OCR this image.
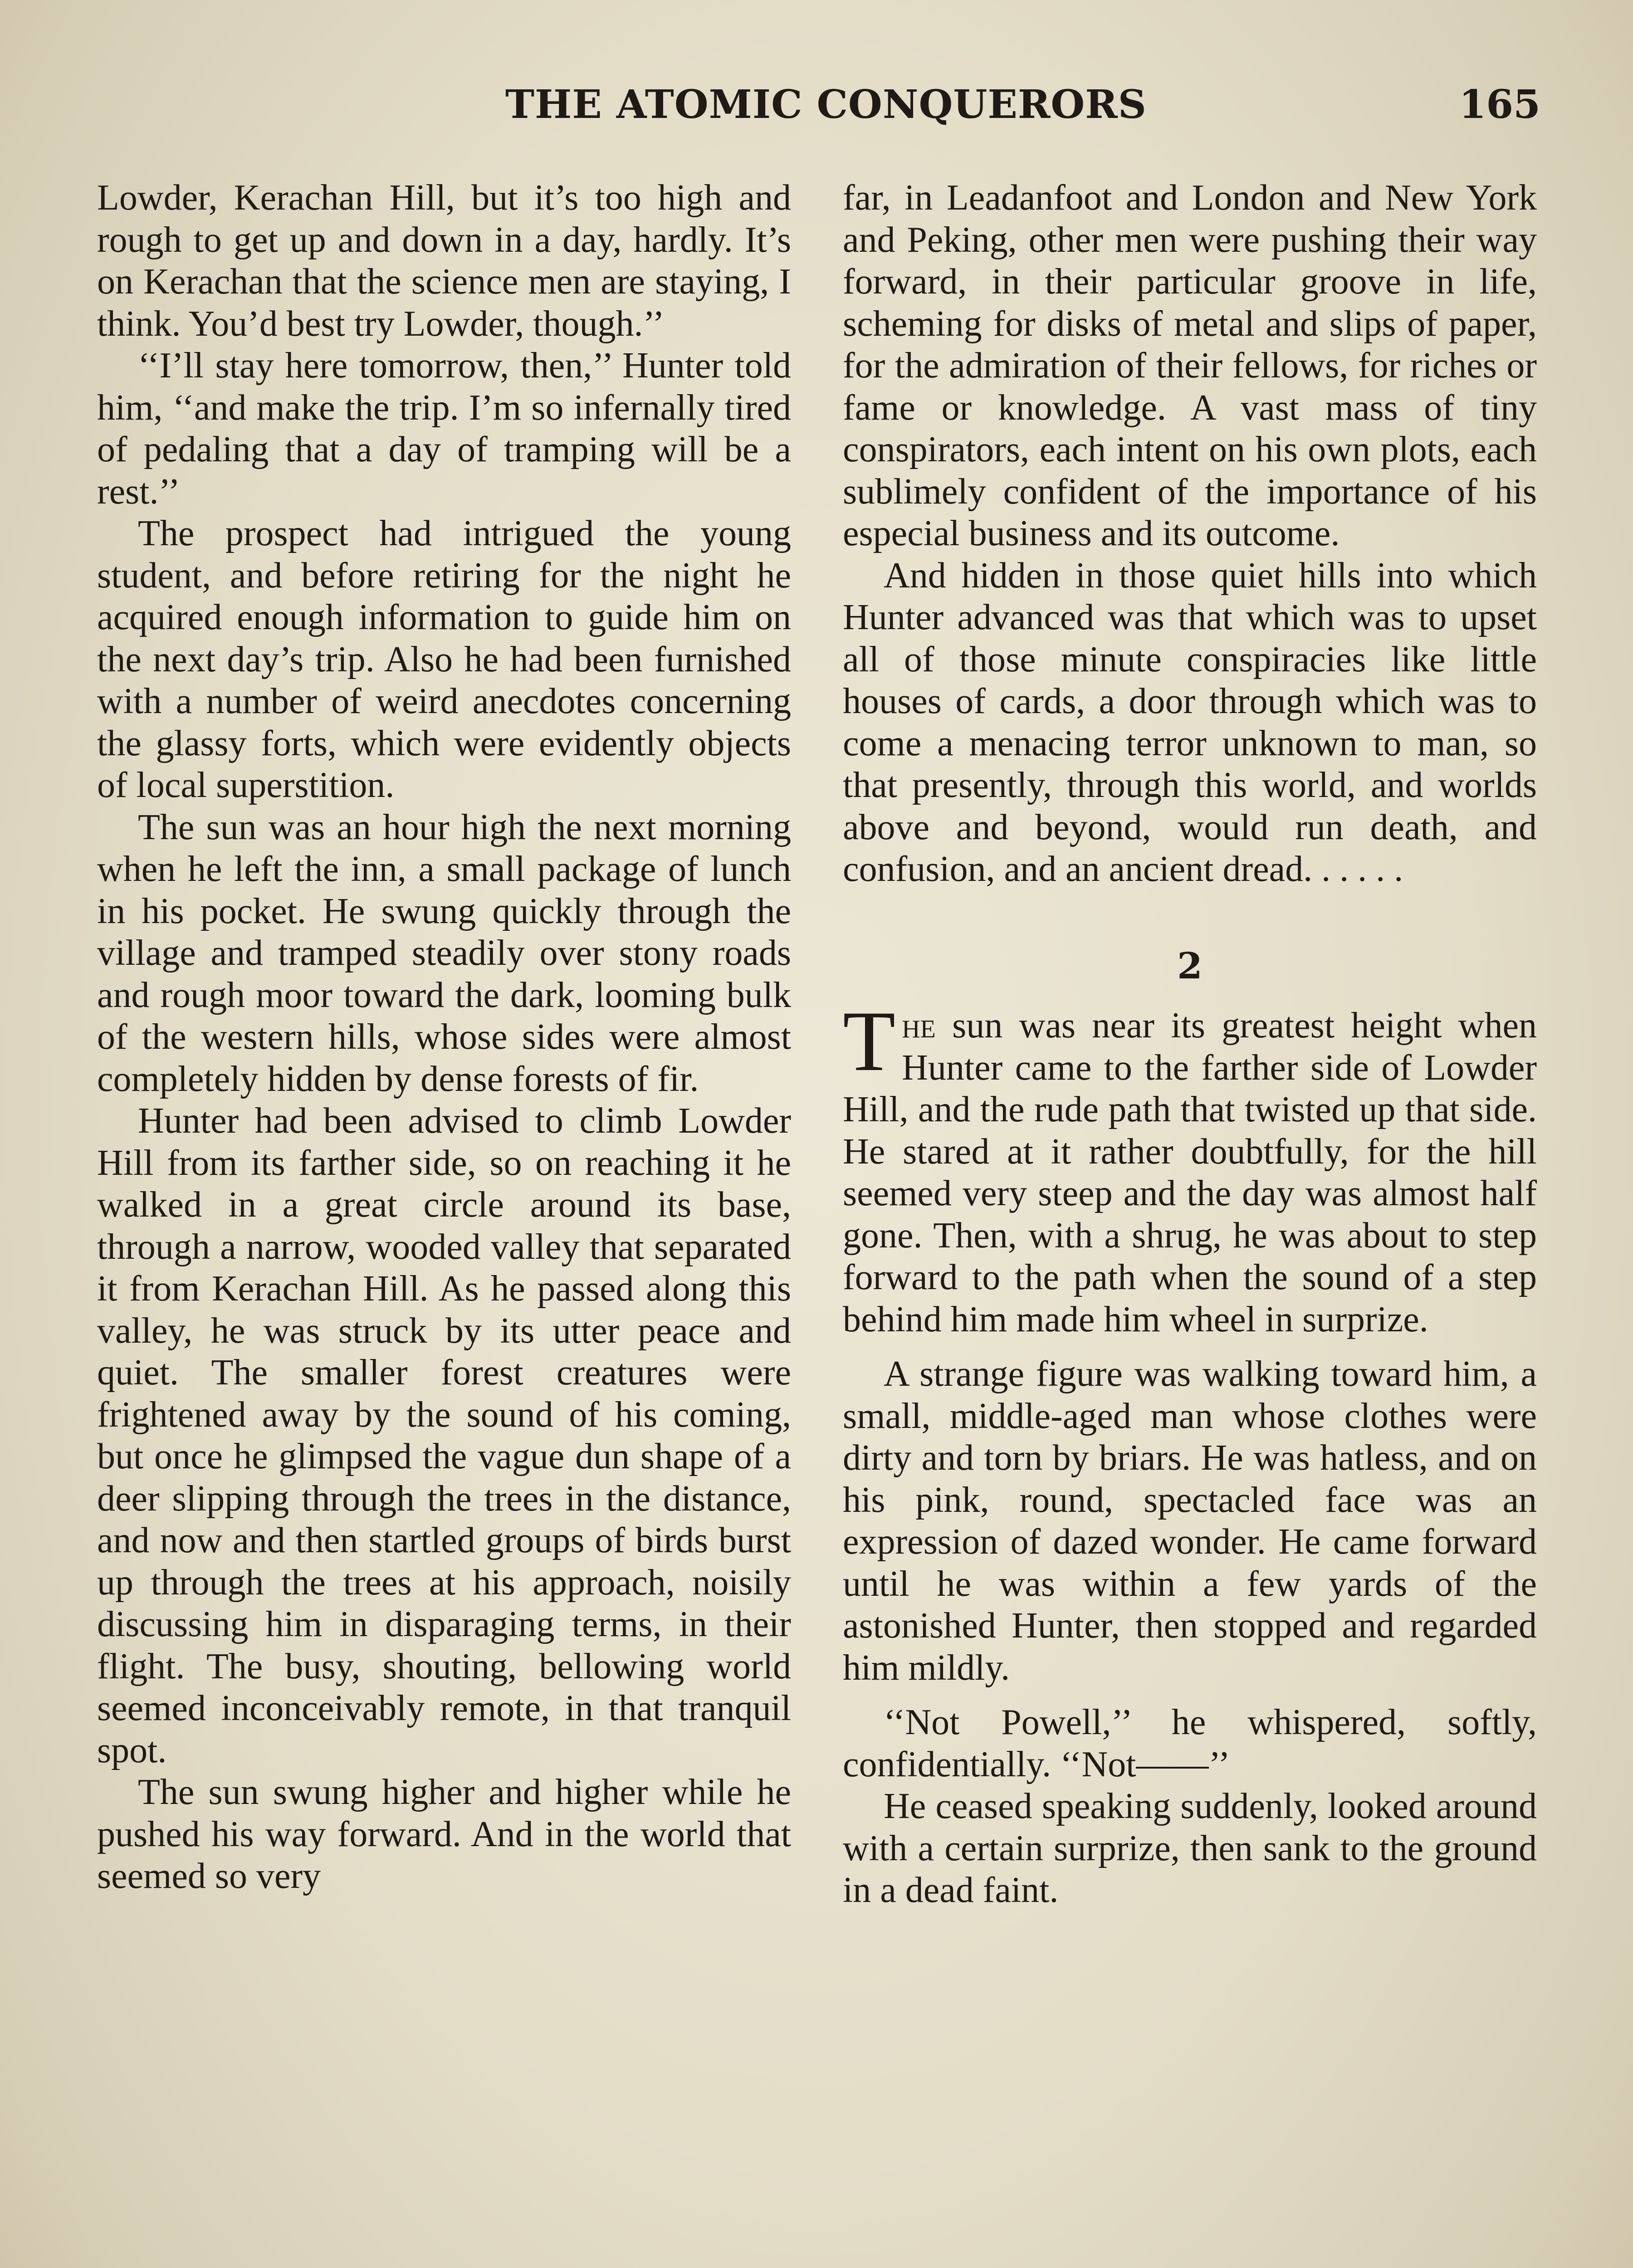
THE ATOMIC CONQUERORS	165

Lowder, Kerachan Hill, but it’s too high and rough to get up and down in a day, hardly. It’s on Kerachan that the science men are staying, I think. You’d best try Lowder, though.’’

‘‘I’ll stay here tomorrow, then,’’ Hunter told him, ‘‘and make the trip. I’m so infernally tired of pedaling that a day of tramping will be a rest.’’

The prospect had intrigued the young student, and before retiring for the night he acquired enough information to guide him on the next day’s trip. Also he had been furnished with a number of weird anecdotes concerning the glassy forts, which were evidently objects of local superstition.

The sun was an hour high the next morning when he left the inn, a small package of lunch in his pocket. He swung quickly through the village and tramped steadily over stony roads and rough moor toward the dark, looming bulk of the western hills, whose sides were almost completely hidden by dense forests of fir.

Hunter had been advised to climb Lowder Hill from its farther side, so on reaching it he walked in a great circle around its base, through a narrow, wooded valley that separated it from Kerachan Hill. As he passed along this valley, he was struck by its utter peace and quiet. The smaller forest creatures were frightened away by the sound of his coming, but once he glimpsed the vague dun shape of a deer slipping through the trees in the distance, and now and then startled groups of birds burst up through the trees at his approach, noisily discussing him in disparaging terms, in their flight. The busy, shouting, bellowing world seemed inconceivably remote, in that tranquil spot.

The sun swung higher and higher while he pushed his way forward. And in the world that seemed so very

far, in Leadanfoot and London and New York and Peking, other men were pushing their way forward, in their particular groove in life, scheming for disks of metal and slips of paper, for the admiration of their fellows, for riches or fame or knowledge. A vast mass of tiny conspirators, each intent on his own plots, each sublimely confident of the importance of his especial business and its outcome.

And hidden in those quiet hills into which Hunter advanced was that which was to upset all of those minute conspiracies like little houses of cards, a door through which was to come a menacing terror unknown to man, so that presently, through this world, and worlds above and beyond, would run death, and confusion, and an ancient dread. . . . . .

2

The sun was near its greatest height when Hunter came to the farther side of Lowder Hill, and the rude path that twisted up that side. He stared at it rather doubtfully, for the hill seemed very steep and the day was almost half gone. Then, with a shrug, he was about to step forward to the path when the sound of a step behind him made him wheel in surprize.

A strange figure was walking toward him, a small, middle-aged man whose clothes were dirty and torn by briars. He was hatless, and on his pink, round, spectacled face was an expression of dazed wonder. He came forward until he was within a few yards of the astonished Hunter, then stopped and regarded him mildly.

‘‘Not Powell,’’ he whispered, softly, confidentially. ‘‘Not——’’

He ceased speaking suddenly, looked around with a certain surprize, then sank to the ground in a dead faint.
